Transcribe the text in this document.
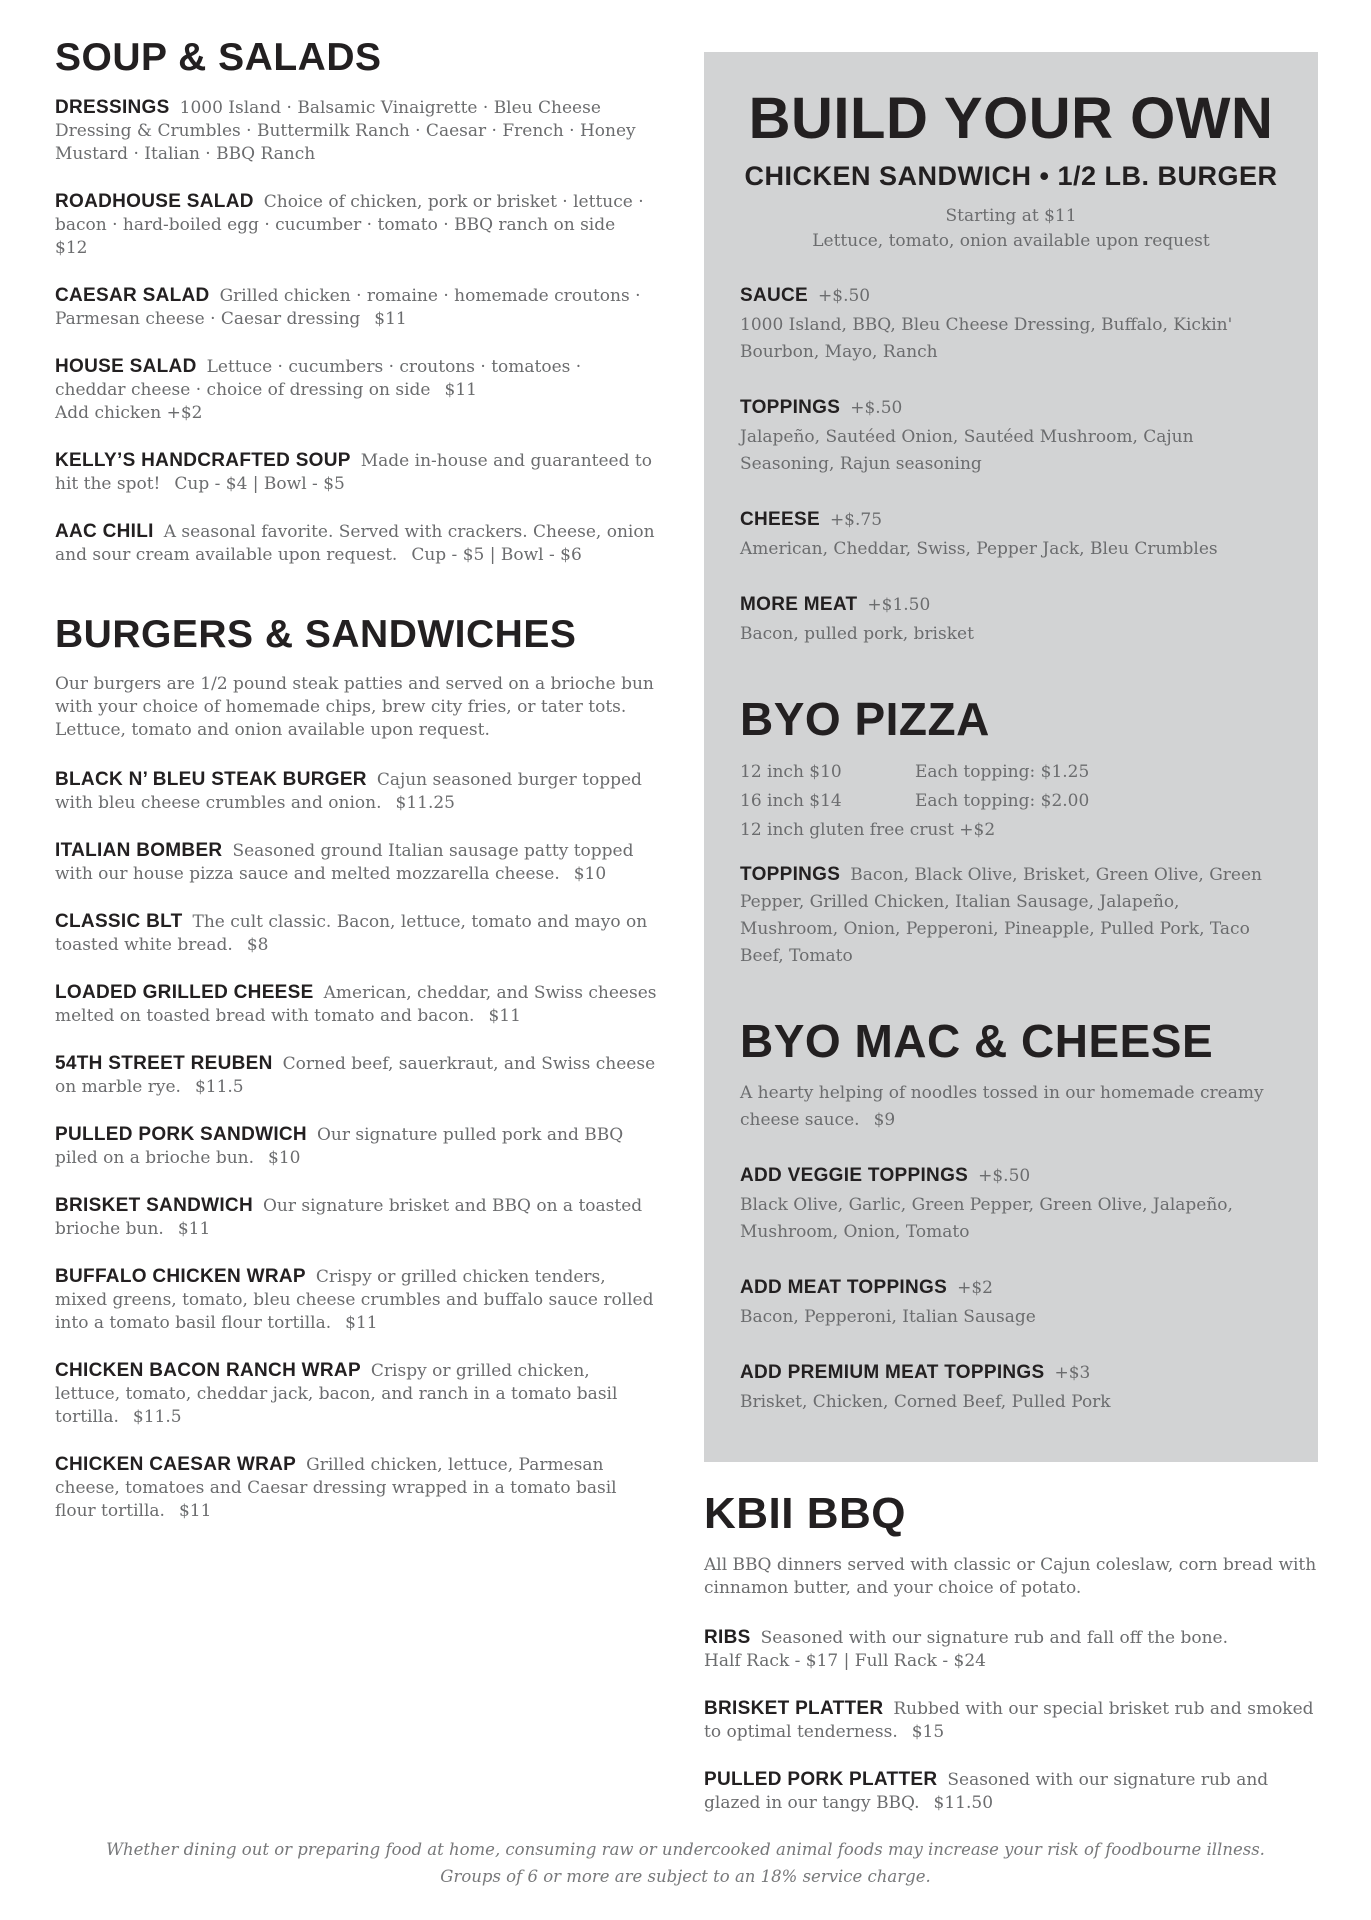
SOUP & SALADS
DRESSINGS 1000 Island · Balsamic Vinaigrette · Bleu Cheese Dressing & Crumbles · Buttermilk Ranch · Caesar · French · Honey Mustard · Italian · BBQ Ranch
ROADHOUSE SALAD Choice of chicken, pork or brisket · lettuce · bacon · hard-boiled egg · cucumber · tomato · BBQ ranch on side
$12
CAESAR SALAD Grilled chicken · romaine · homemade croutons · Parmesan cheese · Caesar dressing $11
HOUSE SALAD Lettuce · cucumbers · croutons · tomatoes · cheddar cheese · choice of dressing on side $11
Add chicken +$2
KELLY’S HANDCRAFTED SOUP Made in-house and guaranteed to hit the spot! Cup - $4 | Bowl - $5
AAC CHILI A seasonal favorite. Served with crackers. Cheese, onion and sour cream available upon request. Cup - $5 | Bowl - $6
BURGERS & SANDWICHES

Our burgers are 1/2 pound steak patties and served on a brioche bun with your choice of homemade chips, brew city fries, or tater tots. Lettuce, tomato and onion available upon request.

BLACK N’ BLEU STEAK BURGER Cajun seasoned burger topped with bleu cheese crumbles and onion. $11.25
ITALIAN BOMBER Seasoned ground Italian sausage patty topped with our house pizza sauce and melted mozzarella cheese. $10
CLASSIC BLT The cult classic. Bacon, lettuce, tomato and mayo on toasted white bread. $8
LOADED GRILLED CHEESE American, cheddar, and Swiss cheeses melted on toasted bread with tomato and bacon. $11
54TH STREET REUBEN Corned beef, sauerkraut, and Swiss cheese on marble rye. $11.5
PULLED PORK SANDWICH Our signature pulled pork and BBQ piled on a brioche bun. $10
BRISKET SANDWICH Our signature brisket and BBQ on a toasted brioche bun. $11
BUFFALO CHICKEN WRAP Crispy or grilled chicken tenders, mixed greens, tomato, bleu cheese crumbles and buffalo sauce rolled into a tomato basil flour tortilla. $11
CHICKEN BACON RANCH WRAP Crispy or grilled chicken, lettuce, tomato, cheddar jack, bacon, and ranch in a tomato basil tortilla. $11.5
CHICKEN CAESAR WRAP Grilled chicken, lettuce, Parmesan cheese, tomatoes and Caesar dressing wrapped in a tomato basil flour tortilla. $11
BUILD YOUR OWN
CHICKEN SANDWICH • 1/2 LB. BURGER
Starting at $11
Lettuce, tomato, onion available upon request
SAUCE +$.50
1000 Island, BBQ, Bleu Cheese Dressing, Buffalo, Kickin' Bourbon, Mayo, Ranch
TOPPINGS +$.50
Jalapeño, Sautéed Onion, Sautéed Mushroom, Cajun Seasoning, Rajun seasoning
CHEESE +$.75
American, Cheddar, Swiss, Pepper Jack, Bleu Crumbles
MORE MEAT +$1.50
Bacon, pulled pork, brisket
BYO PIZZA
12 inch $10	Each topping: $1.25
16 inch $14	Each topping: $2.00
12 inch gluten free crust +$2
TOPPINGS Bacon, Black Olive, Brisket, Green Olive, Green Pepper, Grilled Chicken, Italian Sausage, Jalapeño, Mushroom, Onion, Pepperoni, Pineapple, Pulled Pork, Taco Beef, Tomato
BYO MAC & CHEESE
A hearty helping of noodles tossed in our homemade creamy cheese sauce. $9
ADD VEGGIE TOPPINGS +$.50
Black Olive, Garlic, Green Pepper, Green Olive, Jalapeño, Mushroom, Onion, Tomato
ADD MEAT TOPPINGS +$2
Bacon, Pepperoni, Italian Sausage
ADD PREMIUM MEAT TOPPINGS +$3
Brisket, Chicken, Corned Beef, Pulled Pork
KBII BBQ

All BBQ dinners served with classic or Cajun coleslaw, corn bread with cinnamon butter, and your choice of potato.

RIBS Seasoned with our signature rub and fall off the bone.
Half Rack - $17 | Full Rack - $24
BRISKET PLATTER Rubbed with our special brisket rub and smoked to optimal tenderness. $15
PULLED PORK PLATTER Seasoned with our signature rub and glazed in our tangy BBQ. $11.50
Whether dining out or preparing food at home, consuming raw or undercooked animal foods may increase your risk of foodbourne illness.
Groups of 6 or more are subject to an 18% service charge.
